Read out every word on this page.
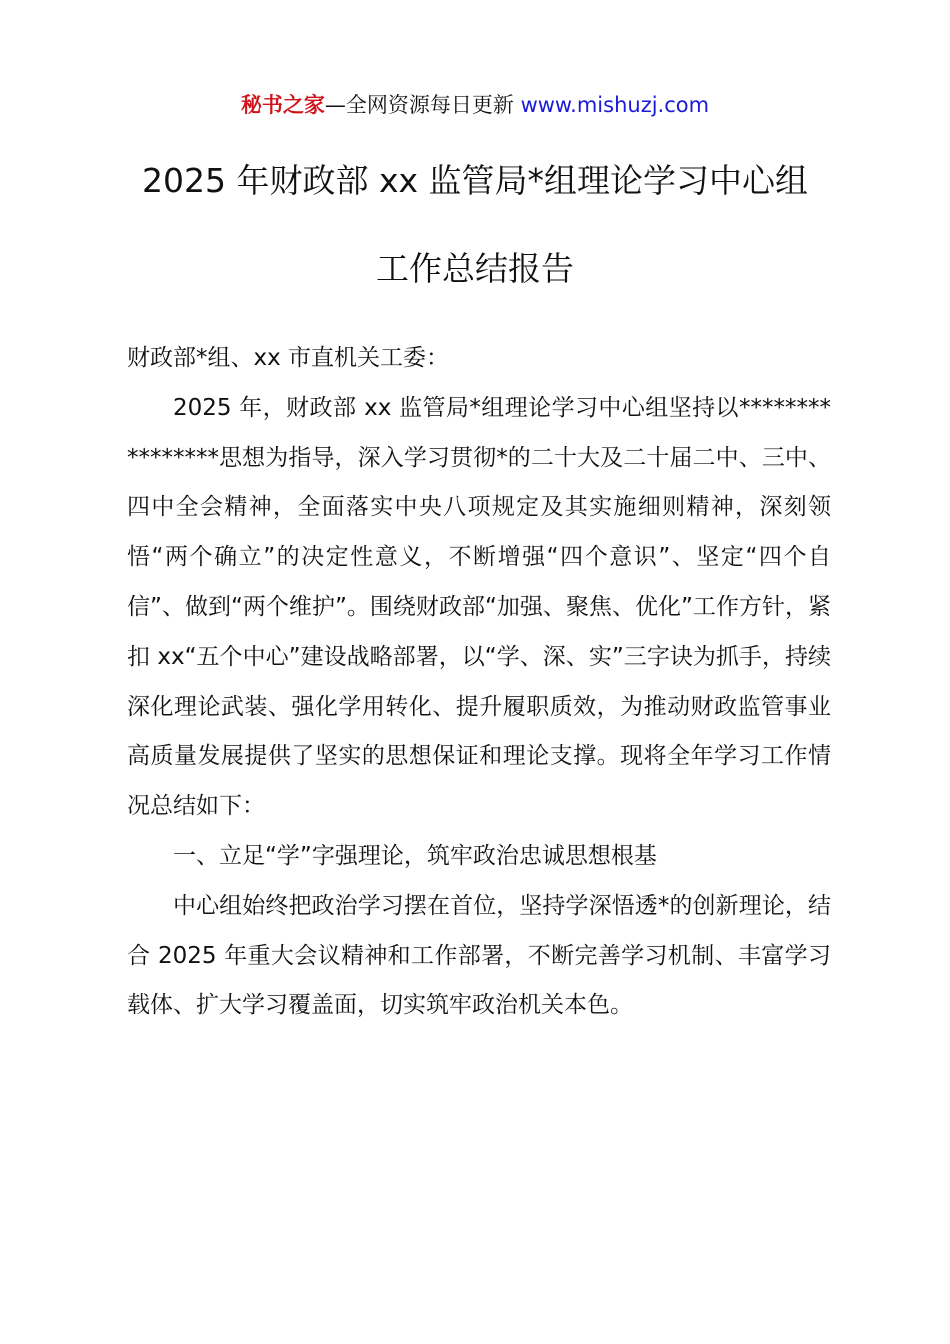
秘书之家—全网资源每日更新 www.mishuzj.com
2025 年财政部 xx 监管局*组理论学习中心组
工作总结报告

财政部*组、xx 市直机关工委：

2025 年，财政部 xx 监管局*组理论学习中心组坚持以****************思想为指导，深入学习贯彻*的二十大及二十届二中、三中、四中全会精神，全面落实中央八项规定及其实施细则精神，深刻领悟“两个确立”的决定性意义，不断增强“四个意识”、坚定“四个自信”、做到“两个维护”。围绕财政部“加强、聚焦、优化”工作方针，紧扣 xx“五个中心”建设战略部署，以“学、深、实”三字诀为抓手，持续深化理论武装、强化学用转化、提升履职质效，为推动财政监管事业高质量发展提供了坚实的思想保证和理论支撑。现将全年学习工作情况总结如下：

一、立足“学”字强理论，筑牢政治忠诚思想根基

中心组始终把政治学习摆在首位，坚持学深悟透*的创新理论，结合 2025 年重大会议精神和工作部署，不断完善学习机制、丰富学习载体、扩大学习覆盖面，切实筑牢政治机关本色。
